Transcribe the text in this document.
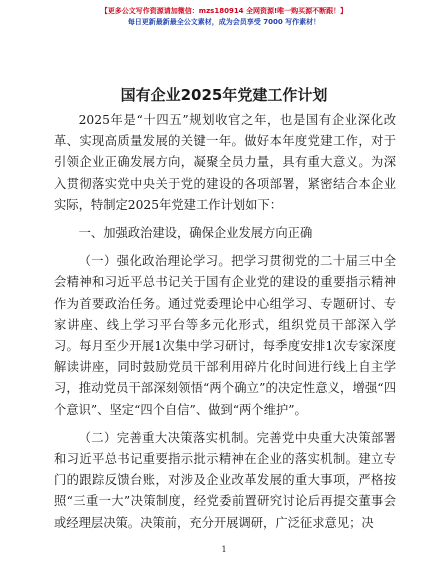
【更多公文写作资源请加微信：mzs180914 全网资源!唯一购买源不断跟！】
每日更新最新最全公文素材，成为会员享受 7000 写作素材！
国有企业2025年党建工作计划

2025年是“十四五”规划收官之年，也是国有企业深化改革、实现高质量发展的关键一年。做好本年度党建工作，对于引领企业正确发展方向，凝聚全员力量，具有重大意义。为深入贯彻落实党中央关于党的建设的各项部署，紧密结合本企业实际，特制定2025年党建工作计划如下：

一、加强政治建设，确保企业发展方向正确

（一）强化政治理论学习。把学习贯彻党的二十届三中全会精神和习近平总书记关于国有企业党的建设的重要指示精神作为首要政治任务。通过党委理论中心组学习、专题研讨、专家讲座、线上学习平台等多元化形式，组织党员干部深入学习。每月至少开展1次集中学习研讨，每季度安排1次专家深度解读讲座，同时鼓励党员干部利用碎片化时间进行线上自主学习，推动党员干部深刻领悟“两个确立”的决定性意义，增强“四个意识”、坚定“四个自信”、做到“两个维护”。

（二）完善重大决策落实机制。完善党中央重大决策部署和习近平总书记重要指示批示精神在企业的落实机制。建立专门的跟踪反馈台账，对涉及企业改革发展的重大事项，严格按照“三重一大”决策制度，经党委前置研究讨论后再提交董事会或经理层决策。决策前，充分开展调研，广泛征求意见；决

1
